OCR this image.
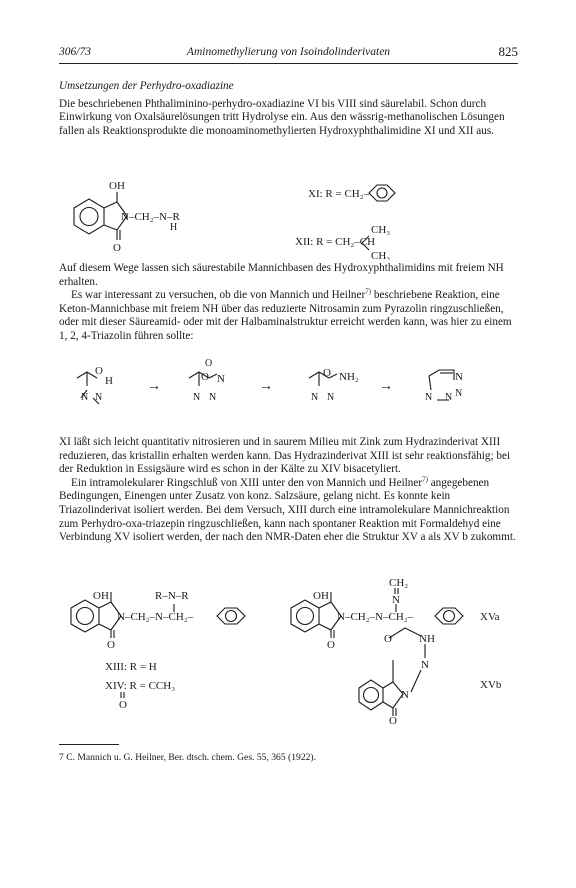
306/73	Aminomethylierung von Isoindolinderivaten	825

Umsetzungen der Perhydro-oxadiazine

Die beschriebenen Phthaliminino-perhydro-oxadiazine VI bis VIII sind säurelabil. Schon durch Einwirkung von Oxalsäurelösungen tritt Hydrolyse ein. Aus den wässrig-methanolischen Lösungen fallen als Reaktionsprodukte die monoaminomethylierten Hydroxyphthalimidine XI und XII aus.

OH
N–CH₂–N–R
H
O
XI: R = CH₂–
XII: R = CH₂–CH
CH₃
CH₃

Auf diesem Wege lassen sich säurestabile Mannichbasen des Hydroxyphthalimidins mit freiem NH erhalten.

Es war interessant zu versuchen, ob die von Mannich und Heilner$^{7)}$ beschriebene Reaktion, eine Keton-Mannichbase mit freiem NH über das reduzierte Nitrosamin zum Pyrazolin ringzuschließen, oder mit dieser Säureamid- oder mit der Halbaminalstruktur erreicht werden kann, was hier zu einem 1, 2, 4-Triazolin führen sollte:

O
H
N N
→
O
O N
N N
→
O NH₂
N N
→
N
N
N N

XI läßt sich leicht quantitativ nitrosieren und in saurem Milieu mit Zink zum Hydrazinderivat XIII reduzieren, das kristallin erhalten werden kann. Das Hydrazinderivat XIII ist sehr reaktionsfähig; bei der Reduktion in Essigsäure wird es schon in der Kälte zu XIV bisacetyliert.

Ein intramolekularer Ringschluß von XIII unter den von Mannich und Heilner$^{7)}$ angegebenen Bedingungen, Einengen unter Zusatz von konz. Salzsäure, gelang nicht. Es konnte kein Triazolinderivat isoliert werden. Bei dem Versuch, XIII durch eine intramolekulare Mannichreaktion zum Perhydro-oxa-triazepin ringzuschließen, kann nach spontaner Reaktion mit Formaldehyd eine Verbindung XV isoliert werden, der nach den NMR-Daten eher die Struktur XV a als XV b zukommt.

OH	R–N–R
N–CH₂–N–CH₂–
O
XIII: R = H
XIV: R = CCH₃
O
CH₂
N
OH
N–CH₂–N–CH₂–
O
XVa
O NH
N
N
O
XVb
7 C. Mannich u. G. Heilner, Ber. dtsch. chem. Ges. 55, 365 (1922).
